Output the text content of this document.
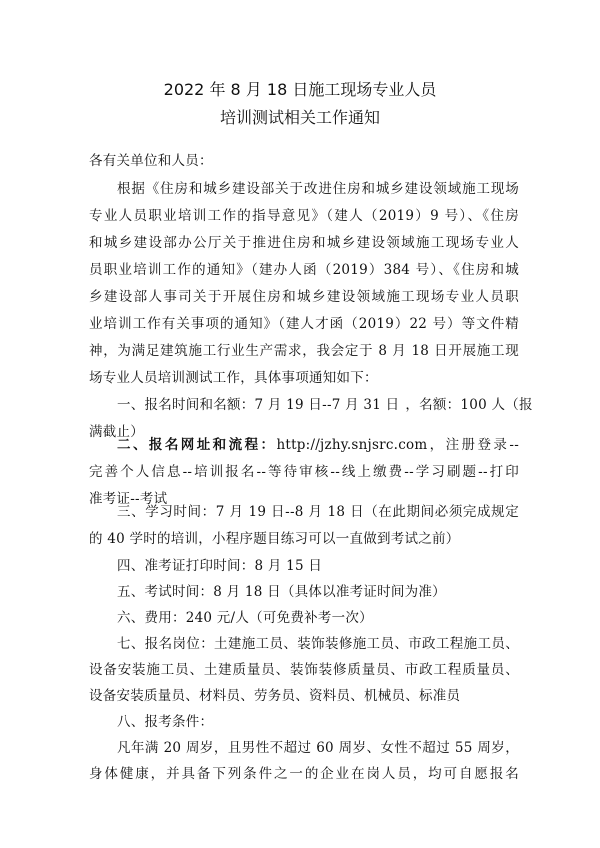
2022 年 8 月 18 日施工现场专业人员
培训测试相关工作通知
各有关单位和人员：
根据《住房和城乡建设部关于改进住房和城乡建设领域施工现场
专业人员职业培训工作的指导意见》（建人（2019）9 号）、《住房
和城乡建设部办公厅关于推进住房和城乡建设领域施工现场专业人
员职业培训工作的通知》（建办人函（2019）384 号）、《住房和城
乡建设部人事司关于开展住房和城乡建设领域施工现场专业人员职
业培训工作有关事项的通知》（建人才函（2019）22 号）等文件精
神，为满足建筑施工行业生产需求，我会定于 8 月 18 日开展施工现
场专业人员培训测试工作，具体事项通知如下：
一、报名时间和名额：7 月 19 日--7 月 31 日 ，名额：100 人（报
满截止）
二、报名网址和流程：http://jzhy.snjsrc.com，注册登录--
完善个人信息--培训报名--等待审核--线上缴费--学习刷题--打印
准考证--考试
三、学习时间：7 月 19 日--8 月 18 日（在此期间必须完成规定
的 40 学时的培训，小程序题目练习可以一直做到考试之前）
四、准考证打印时间：8 月 15 日
五、考试时间：8 月 18 日（具体以准考证时间为准）
六、费用：240 元/人（可免费补考一次）
七、报名岗位：土建施工员、装饰装修施工员、市政工程施工员、
设备安装施工员、土建质量员、装饰装修质量员、市政工程质量员、
设备安装质量员、材料员、劳务员、资料员、机械员、标准员
八、报考条件：
凡年满 20 周岁，且男性不超过 60 周岁、女性不超过 55 周岁，
身体健康，并具备下列条件之一的企业在岗人员，均可自愿报名
